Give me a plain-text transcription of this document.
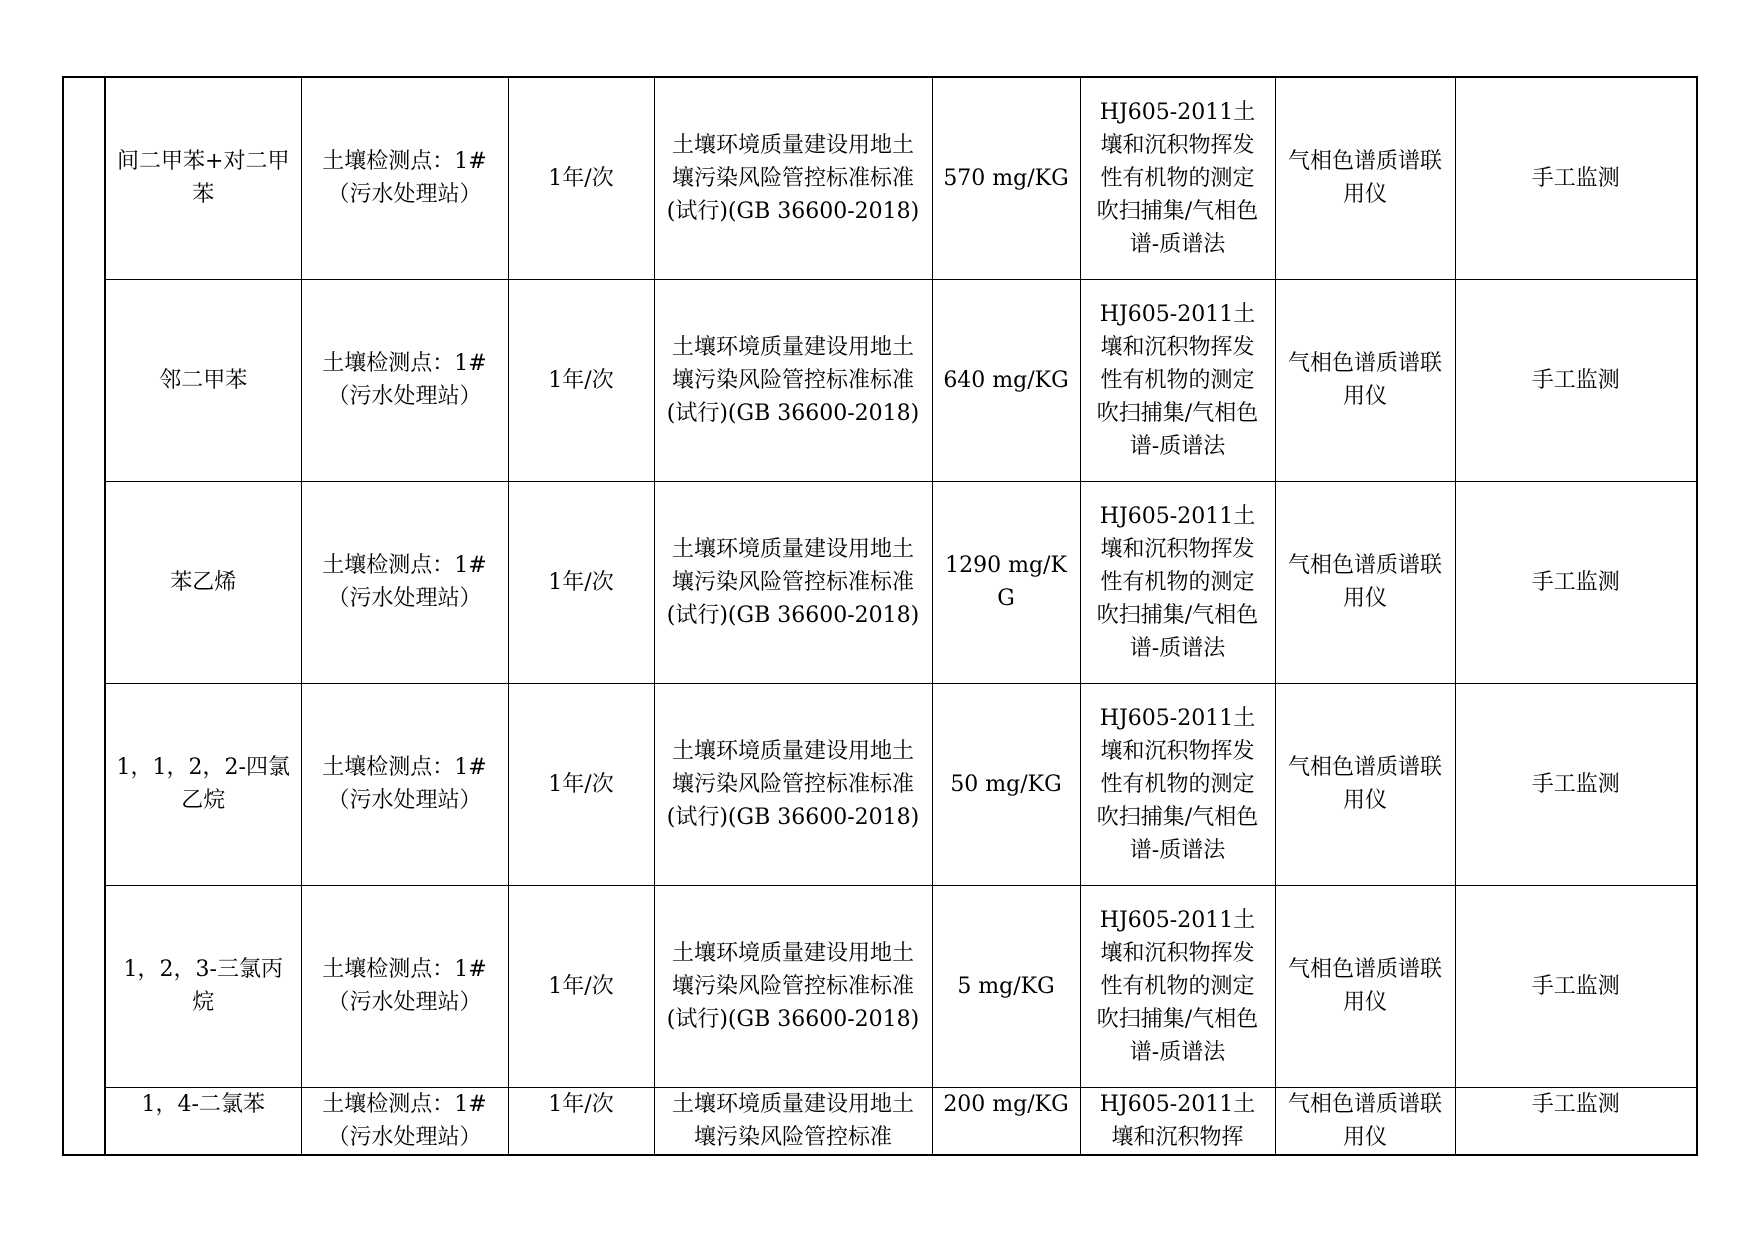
	间二甲苯+对二甲苯	土壤检测点：1#（污水处理站）	1年/次	土壤环境质量建设用地土壤污染风险管控标准标准(试行)(GB 36600-2018)	570 mg/KG	HJ605-2011土壤和沉积物挥发性有机物的测定吹扫捕集/气相色谱-质谱法	气相色谱质谱联用仪	手工监测

	邻二甲苯	土壤检测点：1#（污水处理站）	1年/次	土壤环境质量建设用地土壤污染风险管控标准标准(试行)(GB 36600-2018)	640 mg/KG	HJ605-2011土壤和沉积物挥发性有机物的测定吹扫捕集/气相色谱-质谱法	气相色谱质谱联用仪	手工监测

	苯乙烯	土壤检测点：1#（污水处理站）	1年/次	土壤环境质量建设用地土壤污染风险管控标准标准(试行)(GB 36600-2018)	1290 mg/KG	HJ605-2011土壤和沉积物挥发性有机物的测定吹扫捕集/气相色谱-质谱法	气相色谱质谱联用仪	手工监测

	1，1，2，2-四氯乙烷	土壤检测点：1#（污水处理站）	1年/次	土壤环境质量建设用地土壤污染风险管控标准标准(试行)(GB 36600-2018)	50 mg/KG	HJ605-2011土壤和沉积物挥发性有机物的测定吹扫捕集/气相色谱-质谱法	气相色谱质谱联用仪	手工监测

	1，2，3-三氯丙烷	土壤检测点：1#（污水处理站）	1年/次	土壤环境质量建设用地土壤污染风险管控标准标准(试行)(GB 36600-2018)	5 mg/KG	HJ605-2011土壤和沉积物挥发性有机物的测定吹扫捕集/气相色谱-质谱法	气相色谱质谱联用仪	手工监测

	1，4-二氯苯	土壤检测点：1#（污水处理站）	1年/次	土壤环境质量建设用地土壤污染风险管控标准	200 mg/KG	HJ605-2011土壤和沉积物挥	气相色谱质谱联用仪	手工监测
